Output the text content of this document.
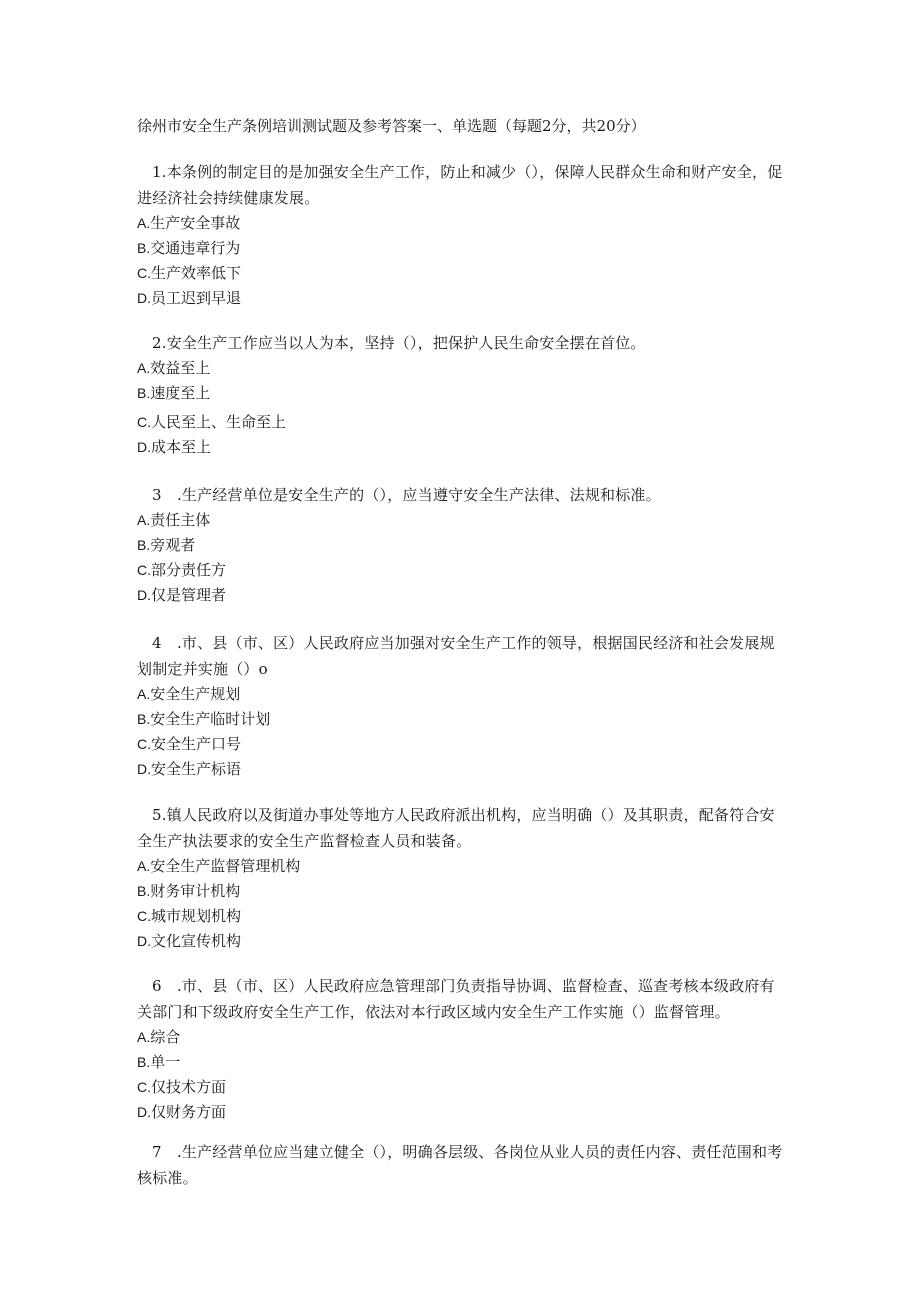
徐州市安全生产条例培训测试题及参考答案一、单选题（每题2分，共20分）

1.本条例的制定目的是加强安全生产工作，防止和减少（），保障人民群众生命和财产安全，促进经济社会持续健康发展。

A.生产安全事故

B.交通违章行为

C.生产效率低下

D.员工迟到早退

2.安全生产工作应当以人为本，坚持（），把保护人民生命安全摆在首位。

A.效益至上

B.速度至上

C.人民至上、生命至上

D.成本至上

3　.生产经营单位是安全生产的（），应当遵守安全生产法律、法规和标准。

A.责任主体

B.旁观者

C.部分责任方

D.仅是管理者

4　.市、县（市、区）人民政府应当加强对安全生产工作的领导，根据国民经济和社会发展规划制定并实施（）o

A.安全生产规划

B.安全生产临时计划

C.安全生产口号

D.安全生产标语

5.镇人民政府以及街道办事处等地方人民政府派出机构，应当明确（）及其职责，配备符合安全生产执法要求的安全生产监督检查人员和装备。

A.安全生产监督管理机构

B.财务审计机构

C.城市规划机构

D.文化宣传机构

6　.市、县（市、区）人民政府应急管理部门负责指导协调、监督检查、巡查考核本级政府有关部门和下级政府安全生产工作，依法对本行政区域内安全生产工作实施（）监督管理。

A.综合

B.单一

C.仅技术方面

D.仅财务方面

7　.生产经营单位应当建立健全（），明确各层级、各岗位从业人员的责任内容、责任范围和考核标准。
